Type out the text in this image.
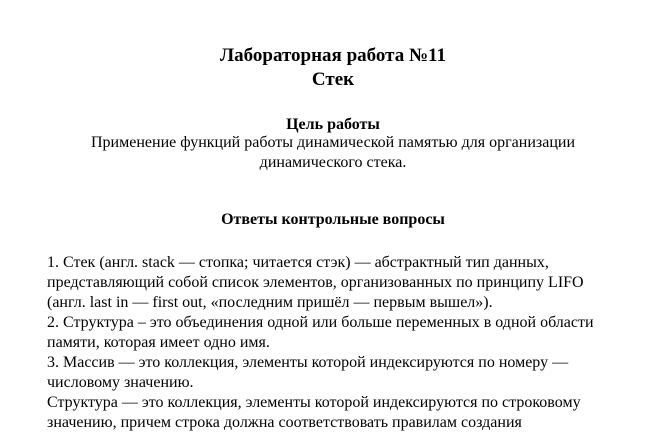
Лабораторная работа №11
Стек
Цель работы
Применение функций работы динамической памятью для организации
динамического стека.
Ответы контрольные вопросы
1. Стек (англ. stack — стопка; читается стэк) — абстрактный тип данных,
представляющий собой список элементов, организованных по принципу LIFO
(англ. last in — first out, «последним пришёл — первым вышел»).
2. Структура – это объединения одной или больше переменных в одной области
памяти, которая имеет одно имя.
3. Массив — это коллекция, элементы которой индексируются по номеру —
числовому значению.
Структура — это коллекция, элементы которой индексируются по строковому
значению, причем строка должна соответствовать правилам создания
